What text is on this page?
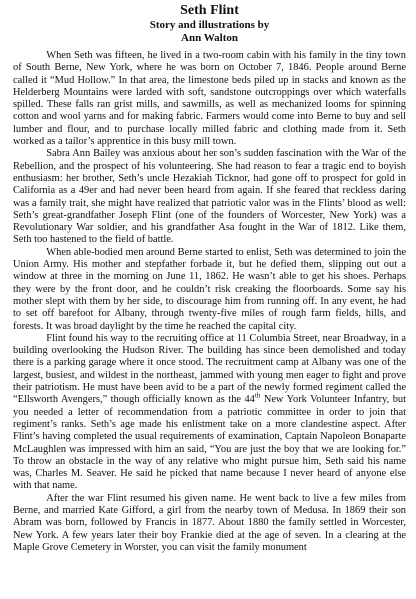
Seth Flint
Story and illustrations by
Ann Walton

When Seth was fifteen, he lived in a two-room cabin with his family in the tiny town of South Berne, New York, where he was born on October 7, 1846. People around Berne called it “Mud Hollow.” In that area, the limestone beds piled up in stacks and known as the Helderberg Mountains were larded with soft, sandstone outcroppings over which waterfalls spilled. These falls ran grist mills, and sawmills, as well as mechanized looms for spinning cotton and wool yarns and for making fabric. Farmers would come into Berne to buy and sell lumber and flour, and to purchase locally milled fabric and clothing made from it. Seth worked as a tailor’s apprentice in this busy mill town.

Sabra Ann Bailey was anxious about her son’s sudden fascination with the War of the Rebellion, and the prospect of his volunteering. She had reason to fear a tragic end to boyish enthusiasm: her brother, Seth’s uncle Hezakiah Ticknor, had gone off to prospect for gold in California as a 49er and had never been heard from again. If she feared that reckless daring was a family trait, she might have realized that patriotic valor was in the Flints’ blood as well: Seth’s great-grandfather Joseph Flint (one of the founders of Worcester, New York) was a Revolutionary War soldier, and his grandfather Asa fought in the War of 1812. Like them, Seth too hastened to the field of battle.

When able-bodied men around Berne started to enlist, Seth was determined to join the Union Army. His mother and stepfather forbade it, but he defied them, slipping out out a window at three in the morning on June 11, 1862. He wasn’t able to get his shoes. Perhaps they were by the front door, and he couldn’t risk creaking the floorboards. Some say his mother slept with them by her side, to discourage him from running off. In any event, he had to set off barefoot for Albany, through twenty-five miles of rough farm fields, hills, and forests. It was broad daylight by the time he reached the capital city.

Flint found his way to the recruiting office at 11 Columbia Street, near Broadway, in a building overlooking the Hudson River. The building has since been demolished and today there is a parking garage where it once stood. The recruitment camp at Albany was one of the largest, busiest, and wildest in the northeast, jammed with young men eager to fight and prove their patriotism. He must have been avid to be a part of the newly formed regiment called the “Ellsworth Avengers,” though officially known as the 44th New York Volunteer Infantry, but you needed a letter of recommendation from a patriotic committee in order to join that regiment’s ranks. Seth’s age made his enlistment take on a more clandestine aspect. After Flint’s having completed the usual requirements of examination, Captain Napoleon Bonaparte McLaughlen was impressed with him an said, “You are just the boy that we are looking for.” To throw an obstacle in the way of any relative who might pursue him, Seth said his name was, Charles M. Seaver. He said he picked that name because I never heard of anyone else with that name.

After the war Flint resumed his given name. He went back to live a few miles from Berne, and married Kate Gifford, a girl from the nearby town of Medusa. In 1869 their son Abram was born, followed by Francis in 1877. About 1880 the family settled in Worcester, New York. A few years later their boy Frankie died at the age of seven. In a clearing at the Maple Grove Cemetery in Worster, you can visit the family monument
